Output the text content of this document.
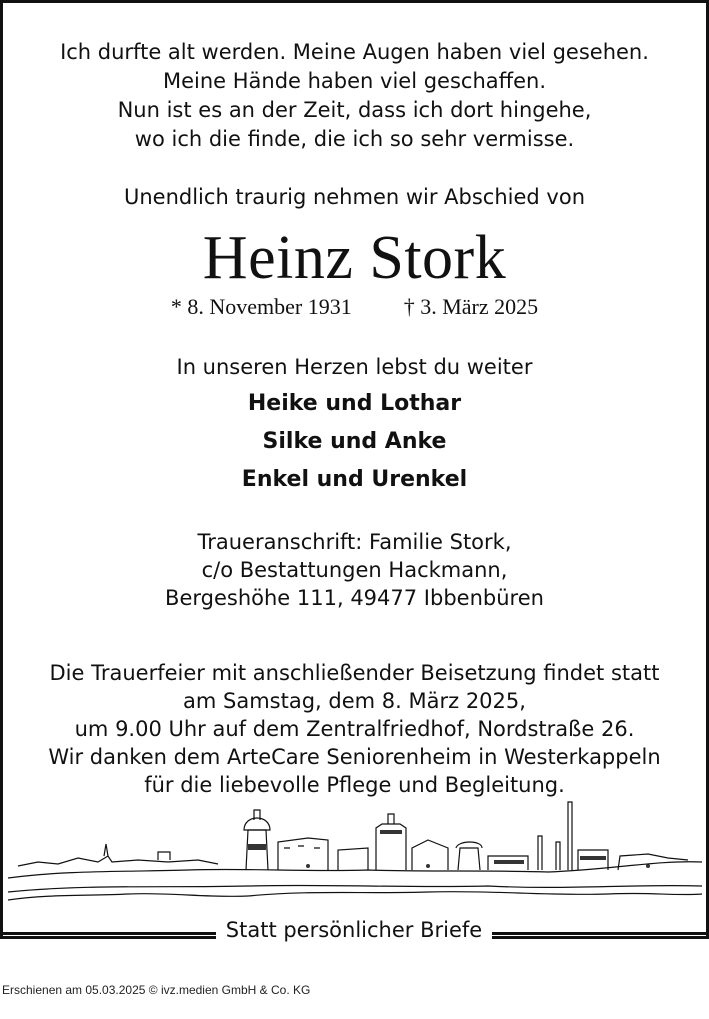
Ich durfte alt werden. Meine Augen haben viel gesehen.
Meine Hände haben viel geschaffen.
Nun ist es an der Zeit, dass ich dort hingehe,
wo ich die finde, die ich so sehr vermisse.
Unendlich traurig nehmen wir Abschied von
Heinz Stork
* 8. November 1931 † 3. März 2025
In unseren Herzen lebst du weiter
Heike und Lothar
Silke und Anke
Enkel und Urenkel
Traueranschrift: Familie Stork,
c/o Bestattungen Hackmann,
Bergeshöhe 111, 49477 Ibbenbüren
Die Trauerfeier mit anschließender Beisetzung findet statt
am Samstag, dem 8. März 2025,
um 9.00 Uhr auf dem Zentralfriedhof, Nordstraße 26.
Wir danken dem ArteCare Seniorenheim in Westerkappeln
für die liebevolle Pflege und Begleitung.
Statt persönlicher Briefe
Erschienen am 05.03.2025 © ivz.medien GmbH & Co. KG
